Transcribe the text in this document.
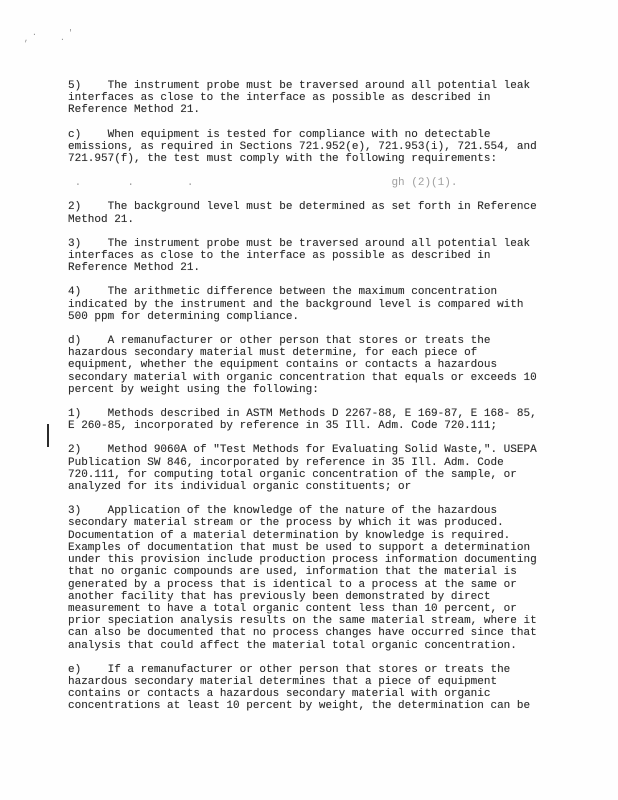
5)    The instrument probe must be traversed around all potential leak
interfaces as close to the interface as possible as described in
Reference Method 21.

c)    When equipment is tested for compliance with no detectable
emissions, as required in Sections 721.952(e), 721.953(i), 721.554, and
721.957(f), the test must comply with the following requirements:

.       .        .                              gh (2)(1).

2)    The background level must be determined as set forth in Reference
Method 21.

3)    The instrument probe must be traversed around all potential leak
interfaces as close to the interface as possible as described in
Reference Method 21.

4)    The arithmetic difference between the maximum concentration
indicated by the instrument and the background level is compared with
500 ppm for determining compliance.

d)    A remanufacturer or other person that stores or treats the
hazardous secondary material must determine, for each piece of
equipment, whether the equipment contains or contacts a hazardous
secondary material with organic concentration that equals or exceeds 10
percent by weight using the following:

1)    Methods described in ASTM Methods D 2267-88, E 169-87, E 168- 85,
E 260-85, incorporated by reference in 35 Ill. Adm. Code 720.111;

2)    Method 9060A of "Test Methods for Evaluating Solid Waste,". USEPA
Publication SW 846, incorporated by reference in 35 Ill. Adm. Code
720.111, for computing total organic concentration of the sample, or
analyzed for its individual organic constituents; or

3)    Application of the knowledge of the nature of the hazardous
secondary material stream or the process by which it was produced.
Documentation of a material determination by knowledge is required.
Examples of documentation that must be used to support a determination
under this provision include production process information documenting
that no organic compounds are used, information that the material is
generated by a process that is identical to a process at the same or
another facility that has previously been demonstrated by direct
measurement to have a total organic content less than 10 percent, or
prior speciation analysis results on the same material stream, where it
can also be documented that no process changes have occurred since that
analysis that could affect the material total organic concentration.

e)    If a remanufacturer or other person that stores or treats the
hazardous secondary material determines that a piece of equipment
contains or contacts a hazardous secondary material with organic
concentrations at least 10 percent by weight, the determination can be

,
.
.
'
